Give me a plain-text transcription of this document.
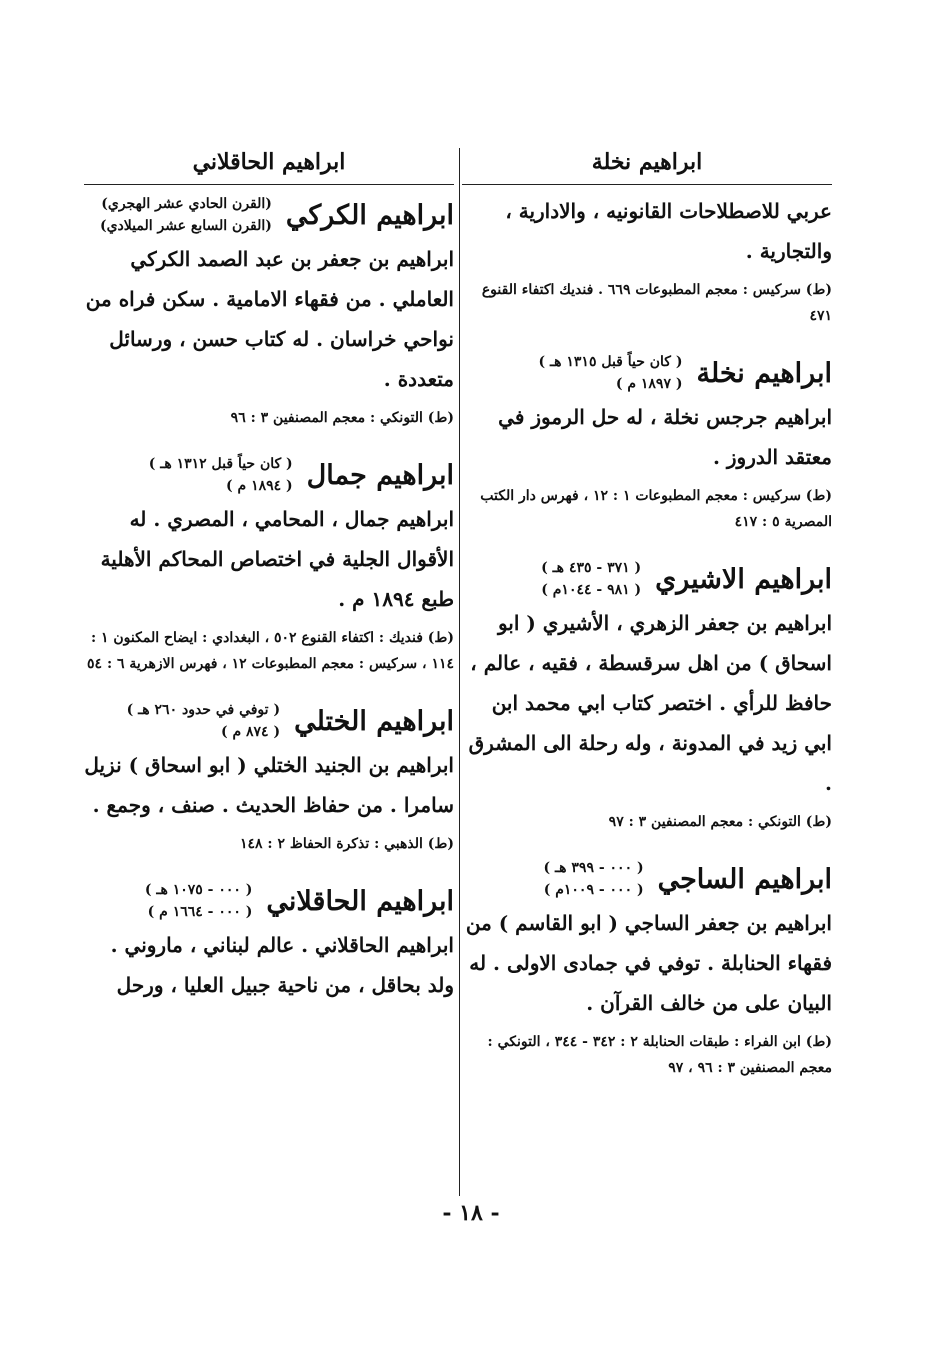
ابراهيم نخلة

عربي للاصطلاحات القانونيه ، والادارية ، والتجارية .

(ط) سركيس : معجم المطبوعات ٦٦٩ . فنديك اكتفاء القنوع ٤٧١

ابراهيم نخلة
( كان حياً قبل ١٣١٥ هـ )
( ١٨٩٧ م )

ابراهيم جرجس نخلة ، له حل الرموز في معتقد الدروز .

(ط) سركيس : معجم المطبوعات ١ : ١٢ ، فهرس دار الكتب المصرية ٥ : ٤١٧

ابراهيم الاشيري
( ٣٧١ - ٤٣٥ هـ )
( ٩٨١ - ١٠٤٤م )

ابراهيم بن جعفر الزهري ، الأشيري ( ابو اسحاق ) من اهل سرقسطة ، فقيه ، عالم ، حافظ للرأي . اختصر كتاب ابي محمد ابن ابي زيد في المدونة ، وله رحلة الى المشرق .

(ط) التونكي : معجم المصنفين ٣ : ٩٧

ابراهيم الساجي
( ٠٠٠ - ٣٩٩ هـ )
( ٠٠٠ - ١٠٠٩م )

ابراهيم بن جعفر الساجي ( ابو القاسم ) من فقهاء الحنابلة . توفي في جمادى الاولى . له البيان على من خالف القرآن .

(ط) ابن الفراء : طبقات الحنابلة ٢ : ٣٤٢ - ٣٤٤ ، التونكي : معجم المصنفين ٣ : ٩٦ ، ٩٧

ابراهيم الحاقلاني
ابراهيم الكركي
(القرن الحادي عشر الهجري)
(القرن السابع عشر الميلادي)

ابراهيم بن جعفر بن عبد الصمد الكركي العاملي . من فقهاء الامامية . سكن فراه من نواحي خراسان . له كتاب حسن ، ورسائل متعددة .

(ط) التونكي : معجم المصنفين ٣ : ٩٦

ابراهيم جمال
( كان حياً قبل ١٣١٢ هـ )
( ١٨٩٤ م )

ابراهيم جمال ، المحامي ، المصري . له الأقوال الجلية في اختصاص المحاكم الأهلية طبع ١٨٩٤ م .

(ط) فنديك : اكتفاء القنوع ٥٠٢ ، البغدادي : ايضاح المكنون ١ : ١١٤ ، سركيس : معجم المطبوعات ١٢ ، فهرس الازهرية ٦ : ٥٤

ابراهيم الختلي
( توفي في حدود ٢٦٠ هـ )
( ٨٧٤ م )

ابراهيم بن الجنيد الختلي ( ابو اسحاق ) نزيل سامرا . من حفاظ الحديث . صنف ، وجمع .

(ط) الذهبي : تذكرة الحفاظ ٢ : ١٤٨

ابراهيم الحاقلاني
( ٠٠٠ - ١٠٧٥ هـ )
( ٠٠٠ - ١٦٦٤ م )

ابراهيم الحاقلاني . عالم لبناني ، ماروني . ولد بحاقل ، من ناحية جبيل العليا ، ورحل

- ١٨ -
